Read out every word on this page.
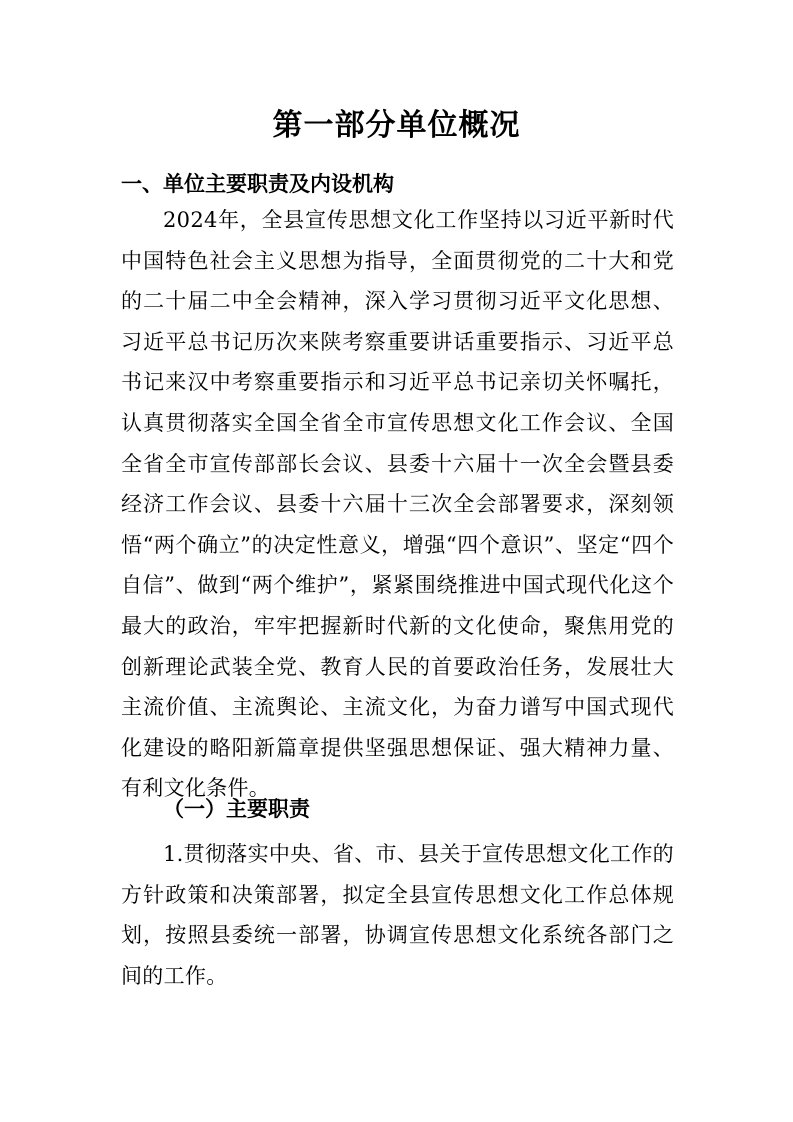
第一部分单位概况
一、单位主要职责及内设机构

2024年，全县宣传思想文化工作坚持以习近平新时代中国特色社会主义思想为指导，全面贯彻党的二十大和党的二十届二中全会精神，深入学习贯彻习近平文化思想、习近平总书记历次来陕考察重要讲话重要指示、习近平总书记来汉中考察重要指示和习近平总书记亲切关怀嘱托，认真贯彻落实全国全省全市宣传思想文化工作会议、全国全省全市宣传部部长会议、县委十六届十一次全会暨县委经济工作会议、县委十六届十三次全会部署要求，深刻领悟“两个确立”的决定性意义，增强“四个意识”、坚定“四个自信”、做到“两个维护”，紧紧围绕推进中国式现代化这个最大的政治，牢牢把握新时代新的文化使命，聚焦用党的创新理论武装全党、教育人民的首要政治任务，发展壮大主流价值、主流舆论、主流文化，为奋力谱写中国式现代化建设的略阳新篇章提供坚强思想保证、强大精神力量、有利文化条件。

（一）主要职责

1.贯彻落实中央、省、市、县关于宣传思想文化工作的方针政策和决策部署，拟定全县宣传思想文化工作总体规划，按照县委统一部署，协调宣传思想文化系统各部门之间的工作。
